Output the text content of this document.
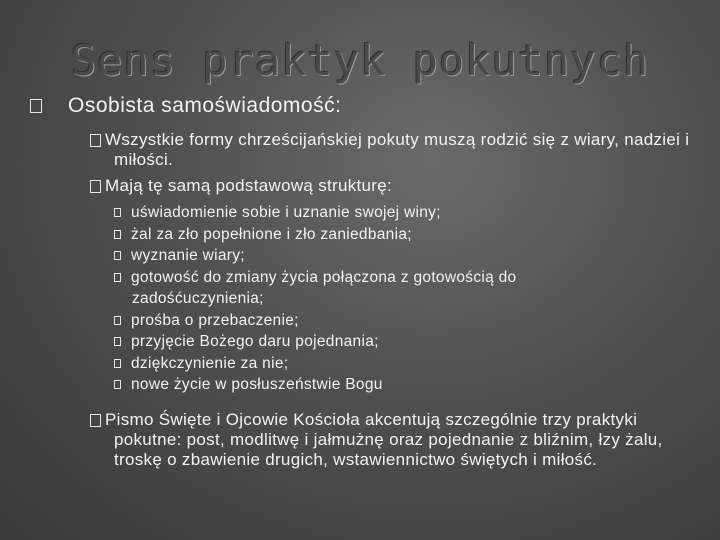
Sens praktyk pokutnych
Osobista samoświadomość:
Wszystkie formy chrześcijańskiej pokuty muszą rodzić się z wiary, nadziei i miłości.
Mają tę samą podstawową strukturę:
uświadomienie sobie i uznanie swojej winy;
żal za zło popełnione i zło zaniedbania;
wyznanie wiary;
gotowość do zmiany życia połączona z gotowością do zadośćuczynienia;
prośba o przebaczenie;
przyjęcie Bożego daru pojednania;
dziękczynienie za nie;
nowe życie w posłuszeństwie Bogu
Pismo Święte i Ojcowie Kościoła akcentują szczególnie trzy praktyki pokutne: post, modlitwę i jałmużnę oraz pojednanie z bliźnim, łzy żalu, troskę o zbawienie drugich, wstawiennictwo świętych i miłość.
